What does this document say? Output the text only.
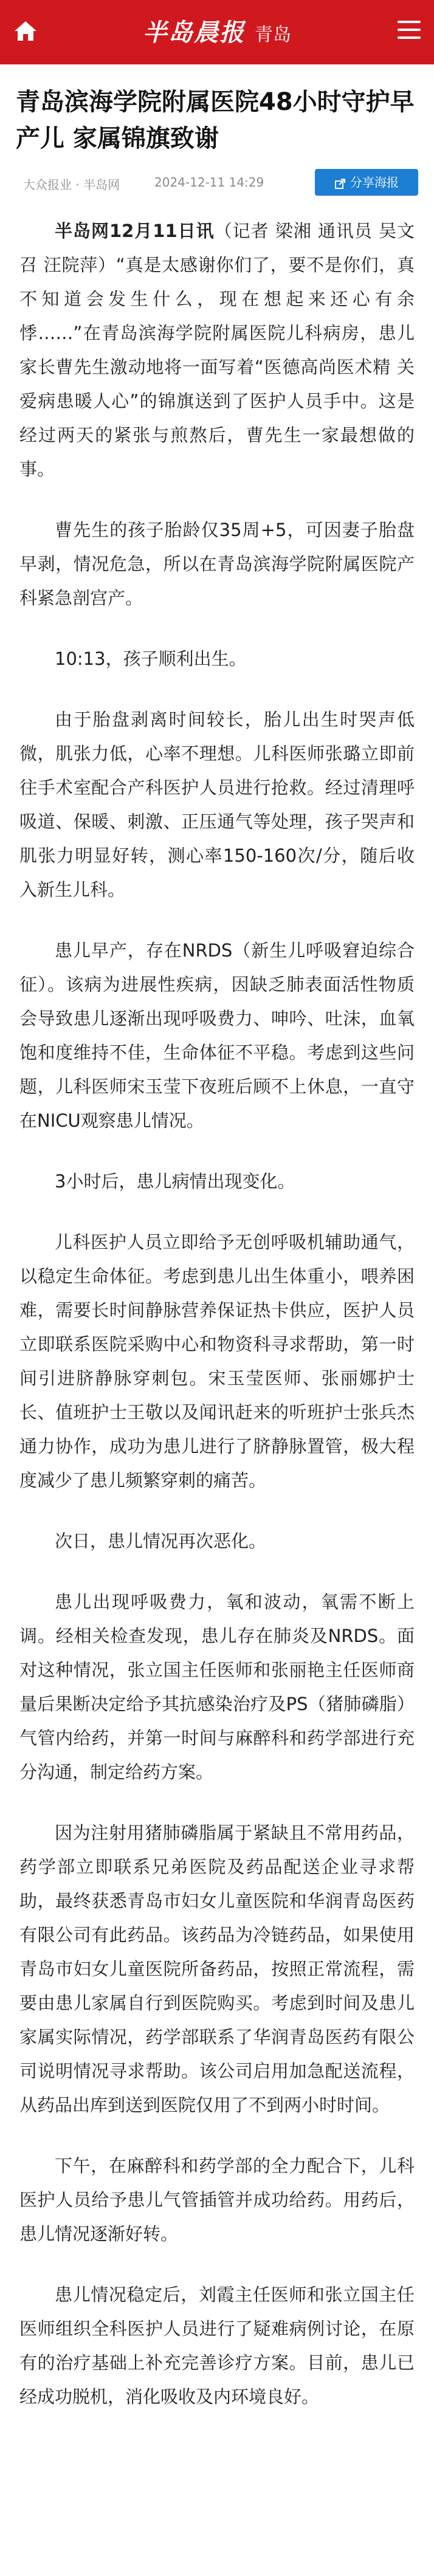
半岛晨报 青岛
青岛滨海学院附属医院48小时守护早产儿 家属锦旗致谢
大众报业 · 半岛网	2024-12-11 14:29	分享海报

半岛网12月11日讯（记者 梁湘 通讯员 吴文召 汪院萍）“真是太感谢你们了，要不是你们，真不知道会发生什么，现在想起来还心有余悸……”在青岛滨海学院附属医院儿科病房，患儿家长曹先生激动地将一面写着“医德高尚医术精 关爱病患暖人心”的锦旗送到了医护人员手中。这是经过两天的紧张与煎熬后，曹先生一家最想做的事。

曹先生的孩子胎龄仅35周+5，可因妻子胎盘早剥，情况危急，所以在青岛滨海学院附属医院产科紧急剖宫产。

10:13，孩子顺利出生。

由于胎盘剥离时间较长，胎儿出生时哭声低微，肌张力低，心率不理想。儿科医师张璐立即前往手术室配合产科医护人员进行抢救。经过清理呼吸道、保暖、刺激、正压通气等处理，孩子哭声和肌张力明显好转，测心率150-160次/分，随后收入新生儿科。

患儿早产，存在NRDS（新生儿呼吸窘迫综合征）。该病为进展性疾病，因缺乏肺表面活性物质会导致患儿逐渐出现呼吸费力、呻吟、吐沫，血氧饱和度维持不佳，生命体征不平稳。考虑到这些问题，儿科医师宋玉莹下夜班后顾不上休息，一直守在NICU观察患儿情况。

3小时后，患儿病情出现变化。

儿科医护人员立即给予无创呼吸机辅助通气，以稳定生命体征。考虑到患儿出生体重小，喂养困难，需要长时间静脉营养保证热卡供应，医护人员立即联系医院采购中心和物资科寻求帮助，第一时间引进脐静脉穿刺包。宋玉莹医师、张丽娜护士长、值班护士王敬以及闻讯赶来的听班护士张兵杰通力协作，成功为患儿进行了脐静脉置管，极大程度减少了患儿频繁穿刺的痛苦。

次日，患儿情况再次恶化。

患儿出现呼吸费力，氧和波动，氧需不断上调。经相关检查发现，患儿存在肺炎及NRDS。面对这种情况，张立国主任医师和张丽艳主任医师商量后果断决定给予其抗感染治疗及PS（猪肺磷脂）气管内给药，并第一时间与麻醉科和药学部进行充分沟通，制定给药方案。

因为注射用猪肺磷脂属于紧缺且不常用药品，药学部立即联系兄弟医院及药品配送企业寻求帮助，最终获悉青岛市妇女儿童医院和华润青岛医药有限公司有此药品。该药品为冷链药品，如果使用青岛市妇女儿童医院所备药品，按照正常流程，需要由患儿家属自行到医院购买。考虑到时间及患儿家属实际情况，药学部联系了华润青岛医药有限公司说明情况寻求帮助。该公司启用加急配送流程，从药品出库到送到医院仅用了不到两小时时间。

下午，在麻醉科和药学部的全力配合下，儿科医护人员给予患儿气管插管并成功给药。用药后，患儿情况逐渐好转。

患儿情况稳定后，刘霞主任医师和张立国主任医师组织全科医护人员进行了疑难病例讨论，在原有的治疗基础上补充完善诊疗方案。目前，患儿已经成功脱机，消化吸收及内环境良好。
